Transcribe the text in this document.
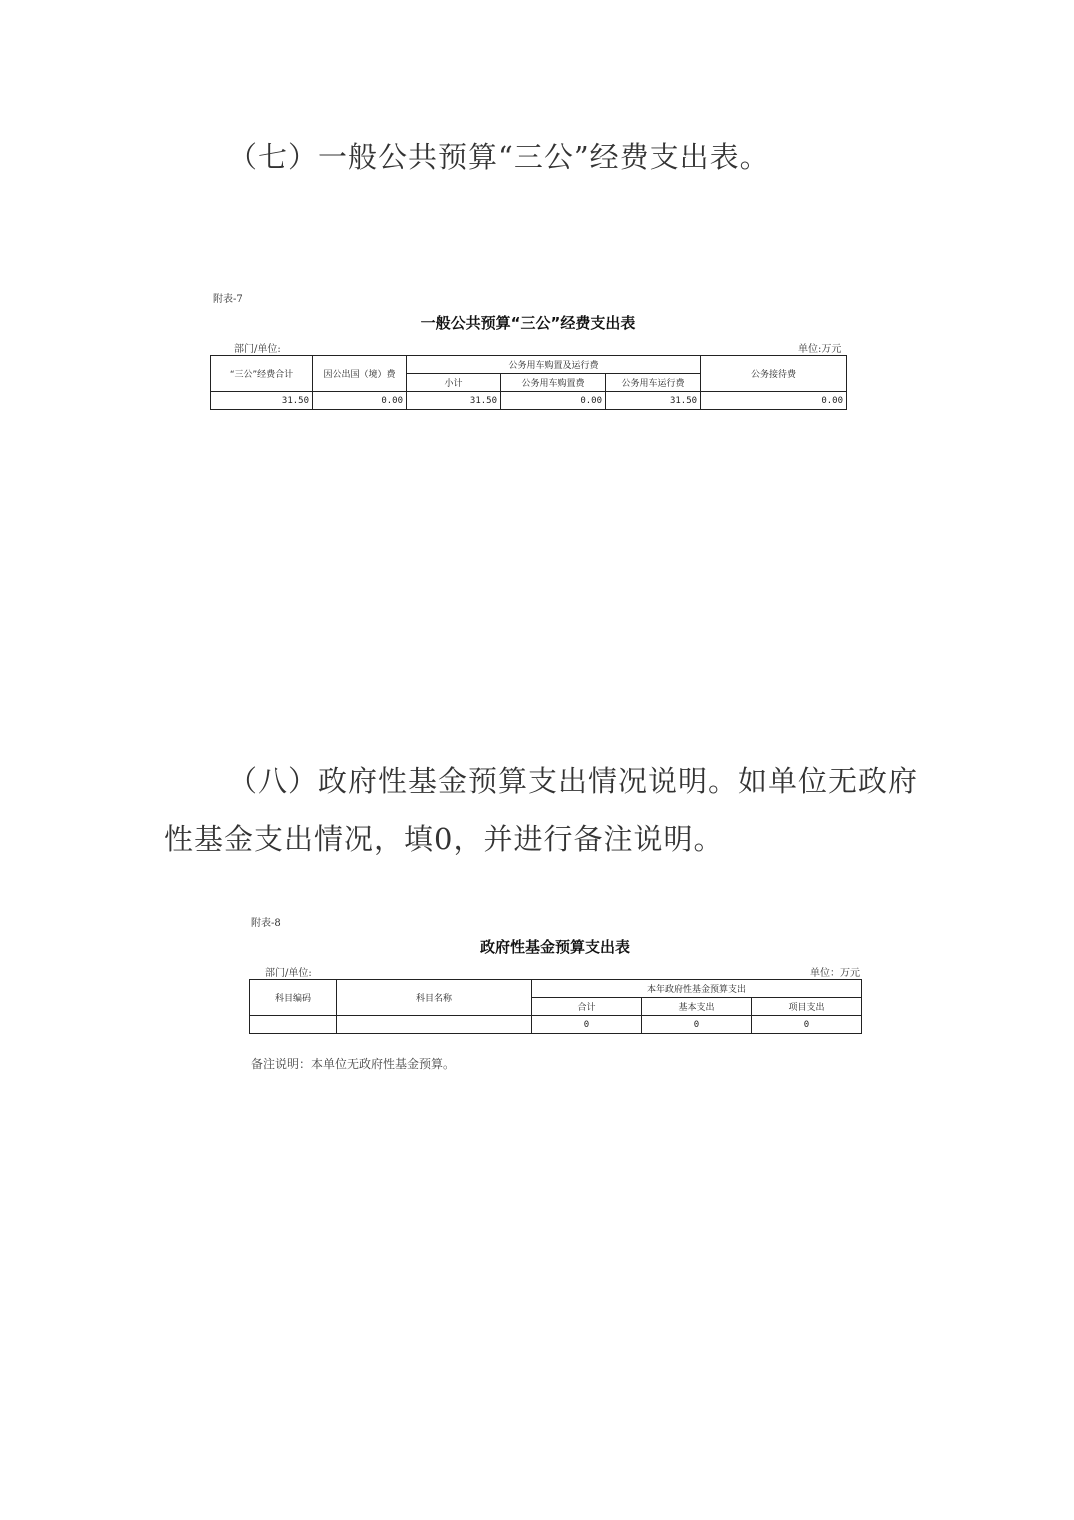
（七）一般公共预算“三公”经费支出表。
附表-7
一般公共预算“三公”经费支出表
部门/单位:	单位:万元
“三公”经费合计	因公出国（境）费	公务用车购置及运行费			公务接待费
		小计	公务用车购置费	公务用车运行费	
31.50	0.00	31.50	0.00	31.50	0.00
（八）政府性基金预算支出情况说明。如单位无政府性基金支出情况，填0，并进行备注说明。
附表-8
政府性基金预算支出表
部门/单位:	单位：万元
科目编码	科目名称	本年政府性基金预算支出		
		合计	基本支出	项目支出
		0	0	0
备注说明：本单位无政府性基金预算。
